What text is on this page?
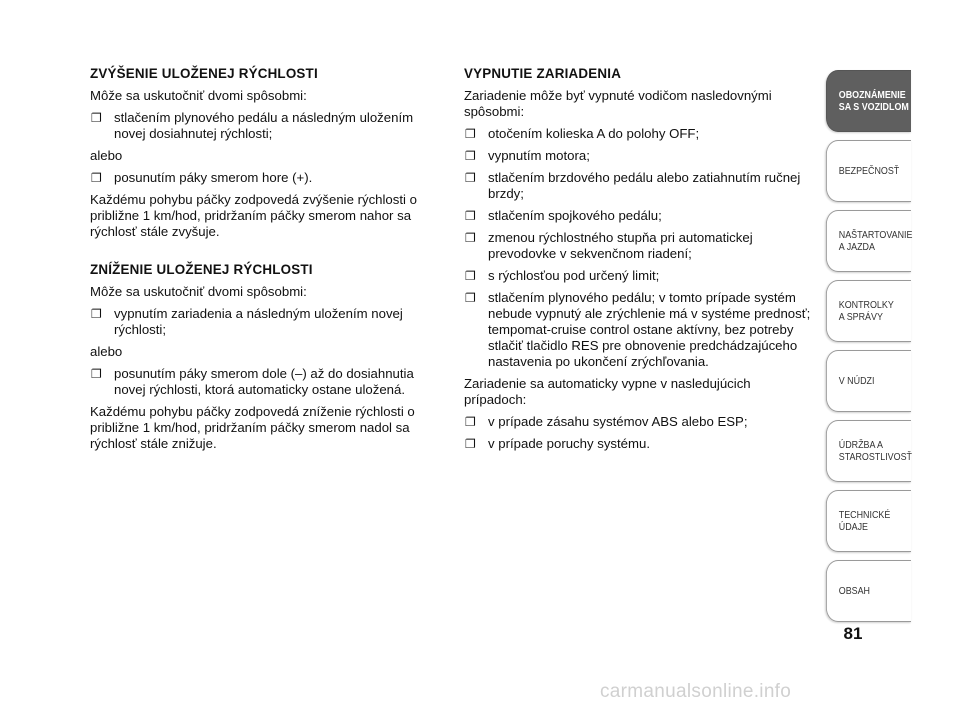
ZVÝŠENIE ULOŽENEJ RÝCHLOSTI

Môže sa uskutočniť dvomi spôsobmi:

❐ stlačením plynového pedálu a následným uložením novej dosiahnutej rýchlosti;

alebo

❐ posunutím páky smerom hore (+).

Každému pohybu páčky zodpovedá zvýšenie rýchlosti o približne 1 km/hod, pridržaním páčky smerom nahor sa rýchlosť stále zvyšuje.

ZNÍŽENIE ULOŽENEJ RÝCHLOSTI

Môže sa uskutočniť dvomi spôsobmi:

❐ vypnutím zariadenia a následným uložením novej rýchlosti;

alebo

❐ posunutím páky smerom dole (–) až do dosiahnutia novej rýchlosti, ktorá automaticky ostane uložená.

Každému pohybu páčky zodpovedá zníženie rýchlosti o približne 1 km/hod, pridržaním páčky smerom nadol sa rýchlosť stále znižuje.

VYPNUTIE ZARIADENIA

Zariadenie môže byť vypnuté vodičom nasledovnými spôsobmi:

❐ otočením kolieska A do polohy OFF;
❐ vypnutím motora;
❐ stlačením brzdového pedálu alebo zatiahnutím ručnej brzdy;
❐ stlačením spojkového pedálu;
❐ zmenou rýchlostného stupňa pri automatickej prevodovke v sekvenčnom riadení;
❐ s rýchlosťou pod určený limit;
❐ stlačením plynového pedálu; v tomto prípade systém nebude vypnutý ale zrýchlenie má v systéme prednosť; tempomat-cruise control ostane aktívny, bez potreby stlačiť tlačidlo RES pre obnovenie predchádzajúceho nastavenia po ukončení zrýchľovania.

Zariadenie sa automaticky vypne v nasledujúcich prípadoch:

❐ v prípade zásahu systémov ABS alebo ESP;
❐ v prípade poruchy systému.
OBOZNÁMENIE
SA S VOZIDLOM
BEZPEČNOSŤ
NAŠTARTOVANIE
A JAZDA
KONTROLKY
A SPRÁVY
V NÚDZI
ÚDRŽBA A
STAROSTLIVOSŤ
TECHNICKÉ
ÚDAJE
OBSAH
81
carmanualsonline.info
